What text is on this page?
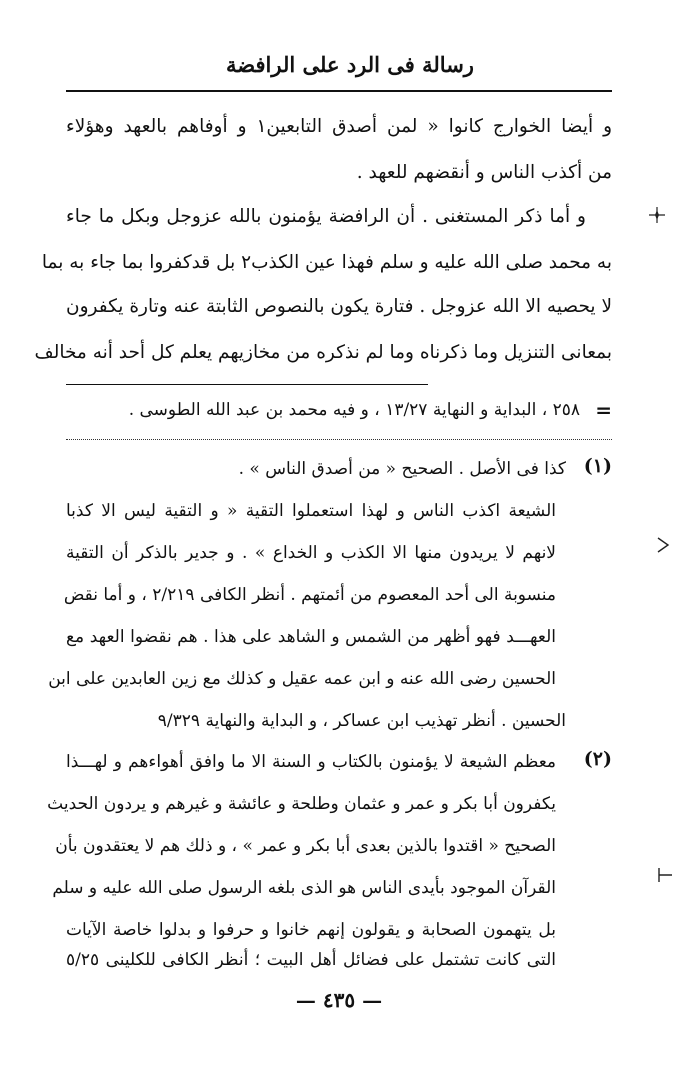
رسالة فى الرد على الرافضة
و أيضا الخوارج كانوا « لمن أصدق التابعين١ و أوفاهم بالعهد وهؤلاء
من أكذب الناس و أنقضهم للعهد .
و أما ذكر المستغنى . أن الرافضة يؤمنون بالله عزوجل وبكل ما جاء
به محمد صلى الله عليه و سلم فهذا عين الكذب٢ بل قدكفروا بما جاء به بما
لا يحصيه الا الله عزوجل . فتارة يكون بالنصوص الثابتة عنه وتارة يكفرون
بمعانى التنزيل وما ذكرناه وما لم نذكره من مخازيهم يعلم كل أحد أنه مخالف
=
٢٥٨ ، البداية و النهاية ١٣/٢٧ ، و فيه محمد بن عبد الله الطوسى .
(١)
كذا فى الأصل . الصحيح « من أصدق الناس » .
الشيعة اكذب الناس و لهذا استعملوا التقية « و التقية ليس الا كذبا
لانهم لا يريدون منها الا الكذب و الخداع » . و جدير بالذكر أن التقية
منسوبة الى أحد المعصوم من أئمتهم . أنظر الكافى ٢/٢١٩ ، و أما نقض
العهـــد فهو أظهر من الشمس و الشاهد على هذا . هم نقضوا العهد مع
الحسين رضى الله عنه و ابن عمه عقيل و كذلك مع زين العابدين على ابن
الحسين . أنظر تهذيب ابن عساكر ، و البداية والنهاية ٩/٣٢٩
(٢)
معظم الشيعة لا يؤمنون بالكتاب و السنة الا ما وافق أهواءهم و لهـــذا
يكفرون أبا بكر و عمر و عثمان وطلحة و عائشة و غيرهم و يردون الحديث
الصحيح « اقتدوا بالذين بعدى أبا بكر و عمر » ، و ذلك هم لا يعتقدون بأن
القرآن الموجود بأيدى الناس هو الذى بلغه الرسول صلى الله عليه و سلم
بل يتهمون الصحابة و يقولون إنهم خانوا و حرفوا و بدلوا خاصة الآيات
التى كانت تشتمل على فضائل أهل البيت ؛ أنظر الكافى للكلينى ٥/٢٥
— ٤٣٥ —
